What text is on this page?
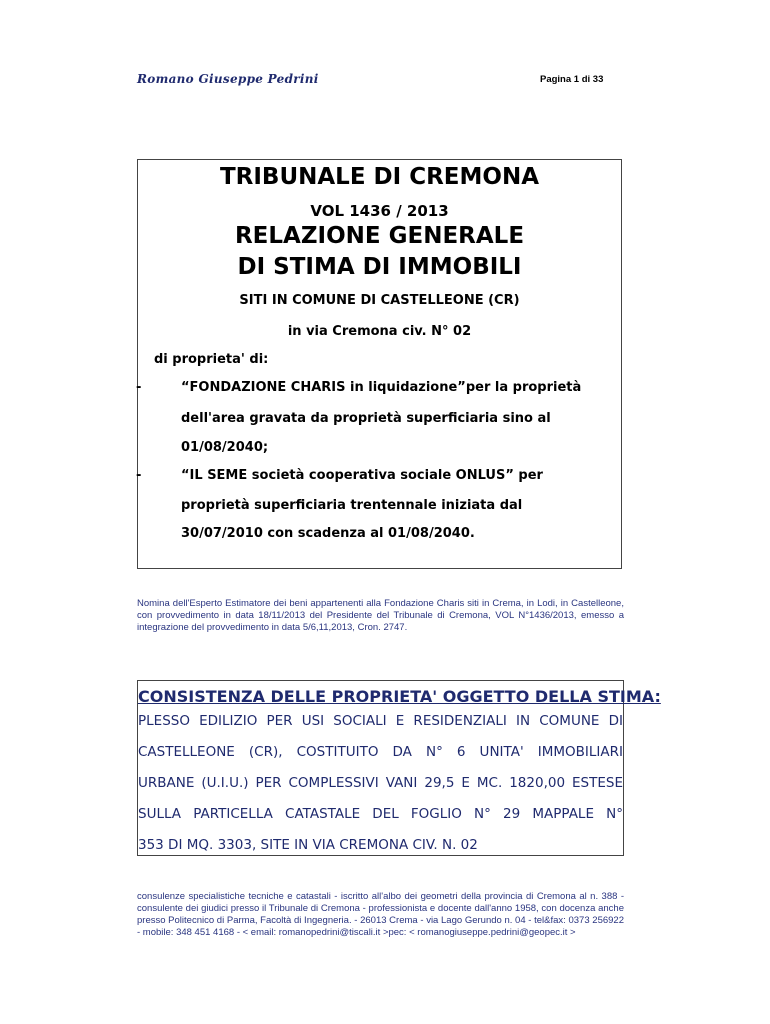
Romano Giuseppe Pedrini	Pagina 1 di 33
TRIBUNALE DI CREMONA
VOL 1436 / 2013
RELAZIONE GENERALE
DI STIMA DI IMMOBILI
SITI IN COMUNE DI CASTELLEONE (CR)
in via Cremona civ. N° 02
di proprieta' di:
-	“FONDAZIONE CHARIS in liquidazione”per la proprietà
dell'area gravata da proprietà superficiaria sino al
01/08/2040;
-	“IL SEME società cooperativa sociale ONLUS” per
proprietà superficiaria trentennale iniziata dal
30/07/2010 con scadenza al 01/08/2040.
Nomina dell'Esperto Estimatore dei beni appartenenti alla Fondazione Charis siti in Crema, in Lodi, in Castelleone, con provvedimento in data 18/11/2013 del Presidente del Tribunale di Cremona, VOL N°1436/2013, emesso a integrazione del provvedimento in data 5/6,11,2013, Cron. 2747.
CONSISTENZA DELLE PROPRIETA' OGGETTO DELLA STIMA:
PLESSO EDILIZIO PER USI SOCIALI E RESIDENZIALI IN COMUNE DI
CASTELLEONE (CR), COSTITUITO DA N° 6 UNITA' IMMOBILIARI
URBANE (U.I.U.) PER COMPLESSIVI VANI 29,5 E MC. 1820,00 ESTESE
SULLA PARTICELLA CATASTALE DEL FOGLIO N° 29 MAPPALE N°
353 DI MQ. 3303, SITE IN VIA CREMONA CIV. N. 02
consulenze specialistiche tecniche e catastali - iscritto all'albo dei geometri della provincia di Cremona al n. 388 - consulente dei giudici presso il Tribunale di Cremona - professionista e docente dall'anno 1958, con docenza anche presso Politecnico di Parma, Facoltà di Ingegneria. - 26013 Crema - via Lago Gerundo n. 04 - tel&fax: 0373 256922 - mobile: 348 451 4168 - < email: romanopedrini@tiscali.it >pec: < romanogiuseppe.pedrini@geopec.it >
